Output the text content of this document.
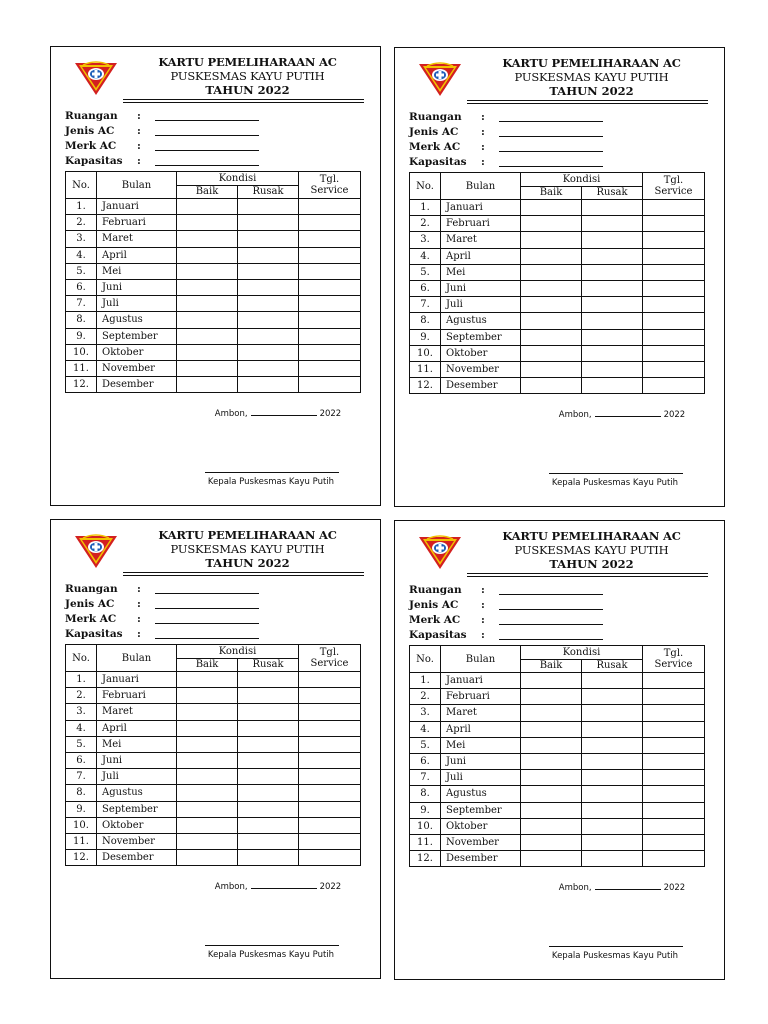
KARTU PEMELIHARAAN AC
PUSKESMAS KAYU PUTIH
TAHUN 2022
Ruangan :
Jenis AC :
Merk AC :
Kapasitas :
No.	Bulan	Kondisi		Tgl.
Service
		Baik	Rusak	
1.	Januari			
2.	Februari			
3.	Maret			
4.	April			
5.	Mei			
6.	Juni			
7.	Juli			
8.	Agustus			
9.	September			
10.	Oktober			
11.	November			
12.	Desember			
Ambon,	2022
Kepala Puskesmas Kayu Putih
KARTU PEMELIHARAAN AC
PUSKESMAS KAYU PUTIH
TAHUN 2022
Ruangan :
Jenis AC :
Merk AC :
Kapasitas :
No.	Bulan	Kondisi		Tgl.
Service
		Baik	Rusak	
1.	Januari			
2.	Februari			
3.	Maret			
4.	April			
5.	Mei			
6.	Juni			
7.	Juli			
8.	Agustus			
9.	September			
10.	Oktober			
11.	November			
12.	Desember			
Ambon,	2022
Kepala Puskesmas Kayu Putih
KARTU PEMELIHARAAN AC
PUSKESMAS KAYU PUTIH
TAHUN 2022
Ruangan :
Jenis AC :
Merk AC :
Kapasitas :
No.	Bulan	Kondisi		Tgl.
Service
		Baik	Rusak	
1.	Januari			
2.	Februari			
3.	Maret			
4.	April			
5.	Mei			
6.	Juni			
7.	Juli			
8.	Agustus			
9.	September			
10.	Oktober			
11.	November			
12.	Desember			
Ambon,	2022
Kepala Puskesmas Kayu Putih
KARTU PEMELIHARAAN AC
PUSKESMAS KAYU PUTIH
TAHUN 2022
Ruangan :
Jenis AC :
Merk AC :
Kapasitas :
No.	Bulan	Kondisi		Tgl.
Service
		Baik	Rusak	
1.	Januari			
2.	Februari			
3.	Maret			
4.	April			
5.	Mei			
6.	Juni			
7.	Juli			
8.	Agustus			
9.	September			
10.	Oktober			
11.	November			
12.	Desember			
Ambon,	2022
Kepala Puskesmas Kayu Putih
